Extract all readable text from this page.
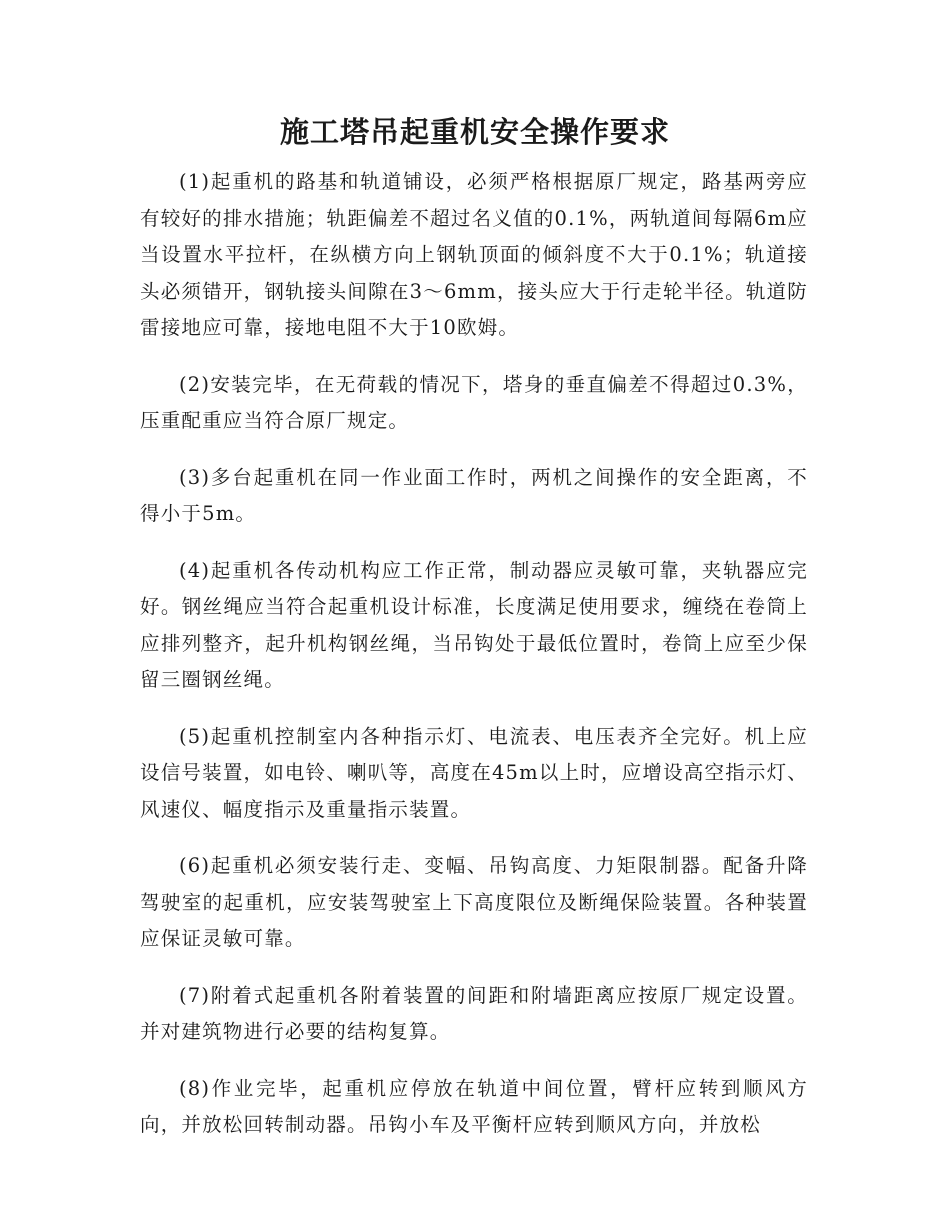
施工塔吊起重机安全操作要求

(1)起重机的路基和轨道铺设，必须严格根据原厂规定，路基两旁应有较好的排水措施；轨距偏差不超过名义值的0.1%，两轨道间每隔6m应当设置水平拉杆，在纵横方向上钢轨顶面的倾斜度不大于0.1%；轨道接头必须错开，钢轨接头间隙在3～6mm，接头应大于行走轮半径。轨道防雷接地应可靠，接地电阻不大于10欧姆。

(2)安装完毕，在无荷载的情况下，塔身的垂直偏差不得超过0.3%，压重配重应当符合原厂规定。

(3)多台起重机在同一作业面工作时，两机之间操作的安全距离，不得小于5m。

(4)起重机各传动机构应工作正常，制动器应灵敏可靠，夹轨器应完好。钢丝绳应当符合起重机设计标准，长度满足使用要求，缠绕在卷筒上应排列整齐，起升机构钢丝绳，当吊钩处于最低位置时，卷筒上应至少保留三圈钢丝绳。

(5)起重机控制室内各种指示灯、电流表、电压表齐全完好。机上应设信号装置，如电铃、喇叭等，高度在45m以上时，应增设高空指示灯、风速仪、幅度指示及重量指示装置。

(6)起重机必须安装行走、变幅、吊钩高度、力矩限制器。配备升降驾驶室的起重机，应安装驾驶室上下高度限位及断绳保险装置。各种装置应保证灵敏可靠。

(7)附着式起重机各附着装置的间距和附墙距离应按原厂规定设置。并对建筑物进行必要的结构复算。

(8)作业完毕，起重机应停放在轨道中间位置，臂杆应转到顺风方向，并放松回转制动器。吊钩小车及平衡杆应转到顺风方向，并放松
